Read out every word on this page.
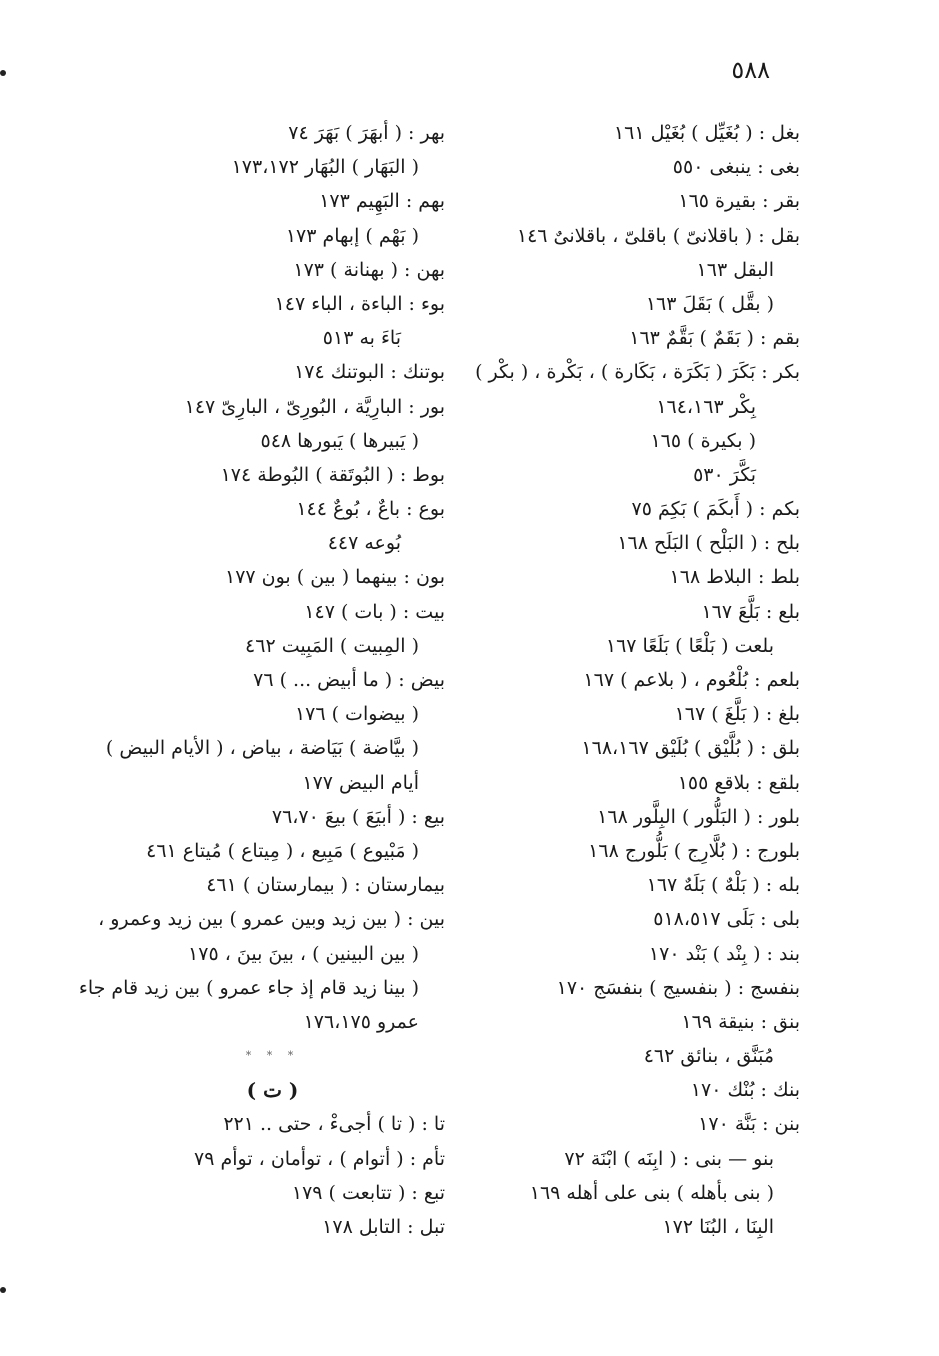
٥٨٨
بغل : ( بُغَيِّل ) بُغَيْل ١٦١
بغى : ينبغى ٥٥٠
بقر : بقيرة ١٦٥
بقل : ( باقلانىّ ) باقلىّ ، باقلانىٌ ١٤٦
البقل ١٦٣
( بقَّل ) بَقَلَ ١٦٣
بقم : ( بَقَمٌ ) بَقَّمٌ ١٦٣
بكر : بَكَرَ ( بَكَرَة ، بَكَارة ) ، بَكْرة ، ( بكْر )
بِكْر ١٦٤،١٦٣
( بكيرة ) ١٦٥
بَكَّرَ ٥٣٠
بكم : ( أَبكَمَ ) بَكِمَ ٧٥
بلح : ( البَلْح ) البَلَح ١٦٨
بلط : البلاط ١٦٨
بلع : بَلَّعَ ١٦٧
بلعت ( بَلْعًا ) بَلَعًا ١٦٧
بلعم : بُلْعُوم ، ( بلاعم ) ١٦٧
بلغ : ( بَلَّغَ ) ١٦٧
بلق : ( بُلَّيْق ) بُلَيْق ١٦٨،١٦٧
بلقع : بلاقع ١٥٥
بلور : ( البَلُّور ) البِلَّور ١٦٨
بلورج : ( بُلَّارِج ) بَلُّورج ١٦٨
بله : ( بَلْهٌ ) بَلَهٌ ١٦٧
بلى : بَلَى ٥١٨،٥١٧
بند : ( بِنْد ) بَنْد ١٧٠
بنفسج : ( بنفسيج ) بنفسَج ١٧٠
بنق : بنيقة ١٦٩
مُبَنَّق ، بنائق ٤٦٢
بنك : بُنْك ١٧٠
بنن : بَنَّة ١٧٠
بنو — بنى : ( ابِنَه ) ابْنَة ٧٢
( بنى بأهله ) بنى على أهله ١٦٩
البِنَا ، البُنَا ١٧٢
بهر : ( أبهَرَ ) بَهَرَ ٧٤
( البَهَار ) البُهَار ١٧٣،١٧٢
بهم : البَهِيم ١٧٣
( بَهْم ) إبهام ١٧٣
بهن : ( بهنانة ) ١٧٣
بوء : الباءة ، الباء ١٤٧
بَاءَ به ٥١٣
بوتنك : البوتنك ١٧٤
بور : البارِيَّة ، البُورِىّ ، البارِىّ ١٤٧
( يَبيرها ) يَبورها ٥٤٨
بوط : ( البُوتَقة ) البُوطة ١٧٤
بوع : باعٌ ، بُوعٌ ١٤٤
بُوعه ٤٤٧
بون : بينهما ( بين ) بون ١٧٧
بيت : ( بات ) ١٤٧
( المِبيت ) المَبِيت ٤٦٢
بيض : ( ما أبيض ... ) ٧٦
( بيضوات ) ١٧٦
( بيَّاضة ) بَيَاضة ، بياض ، ( الأيام البيض )
أيام البيض ١٧٧
بيع : ( أبيَعَ ) بيعَ ٧٦،٧٠
( مَبْيوع ) مَبِيع ، ( مِيتاع ) مُيتاع ٤٦١
بيمارستان : ( بيمارستان ) ٤٦١
بين : ( بين زيد وبين عمرو ) بين زيد وعمرو ،
( بين البينين ) ، بينَ بينَ ، ١٧٥
( بينا زيد قام إذ جاء عمرو ) بين زيد قام جاء
عمرو ١٧٦،١٧٥
* * *
( ت )
تا : ( تا ) أجىءْ ، حتى .. ٢٢١
تأم : ( أتوام ) ، توأمان ، توأم ٧٩
تبع : ( تتابعت ) ١٧٩
تبل : التابل ١٧٨
